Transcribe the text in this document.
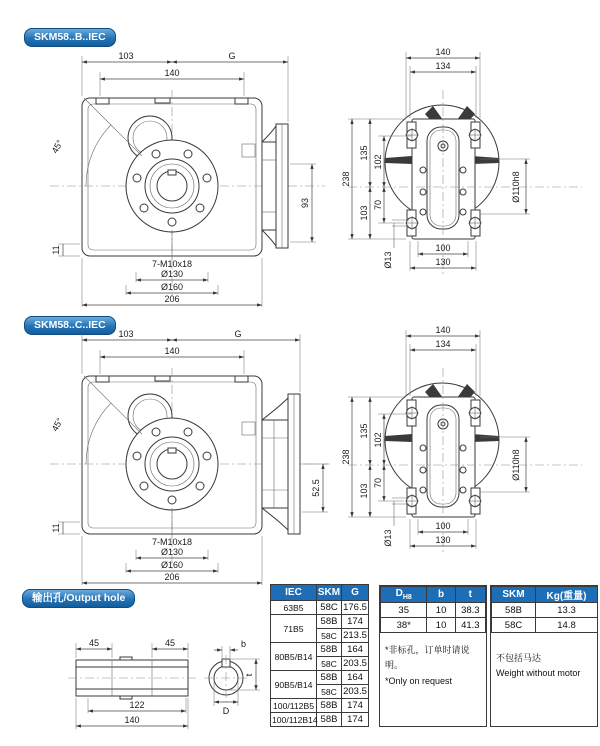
SKM58..B..IEC
45°
103	G
140
93
11
7-M10x18
Ø130
Ø160
206
140
134
238
135
102
70
103
Ø13
Ø110h8
100
130
SKM58..C..IEC
45°
103	G
140
52.5
11
7-M10x18
Ø130
Ø160
206
140
134
238
135
102
70
103
Ø13
Ø110h8
100
130
输出孔/Output hole
45	45
122
140
b
t
D
IEC	SKM	G
63B5	58C	176.5
71B5	58B	174
	58C	213.5
80B5/B14	58B	164
	58C	203.5
90B5/B14	58B	164
	58C	203.5
100/112B5	58B	174
100/112B14	58B	174
$D_{H8}$	b	t
35	10	38.3
38*	10	41.3
*非标孔，订单时请说明。
*Only on request
SKM	Kg(重量)
58B	13.3
58C	14.8
不包括马达
Weight without motor
